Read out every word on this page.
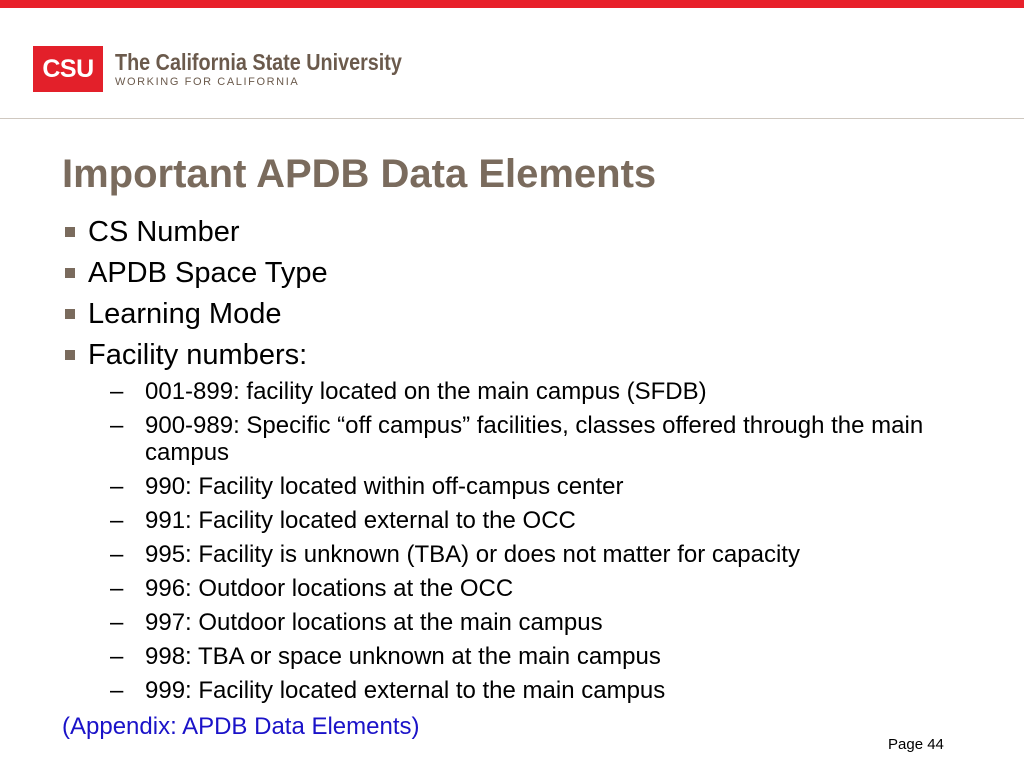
CSU The California State University
WORKING FOR CALIFORNIA
Important APDB Data Elements
CS Number
APDB Space Type
Learning Mode
Facility numbers:
– 001-899: facility located on the main campus (SFDB)
– 900-989: Specific “off campus” facilities, classes offered through the main campus
– 990: Facility located within off-campus center
– 991: Facility located external to the OCC
– 995: Facility is unknown (TBA) or does not matter for capacity
– 996: Outdoor locations at the OCC
– 997: Outdoor locations at the main campus
– 998: TBA or space unknown at the main campus
– 999: Facility located external to the main campus
(Appendix: APDB Data Elements)
Page 44
